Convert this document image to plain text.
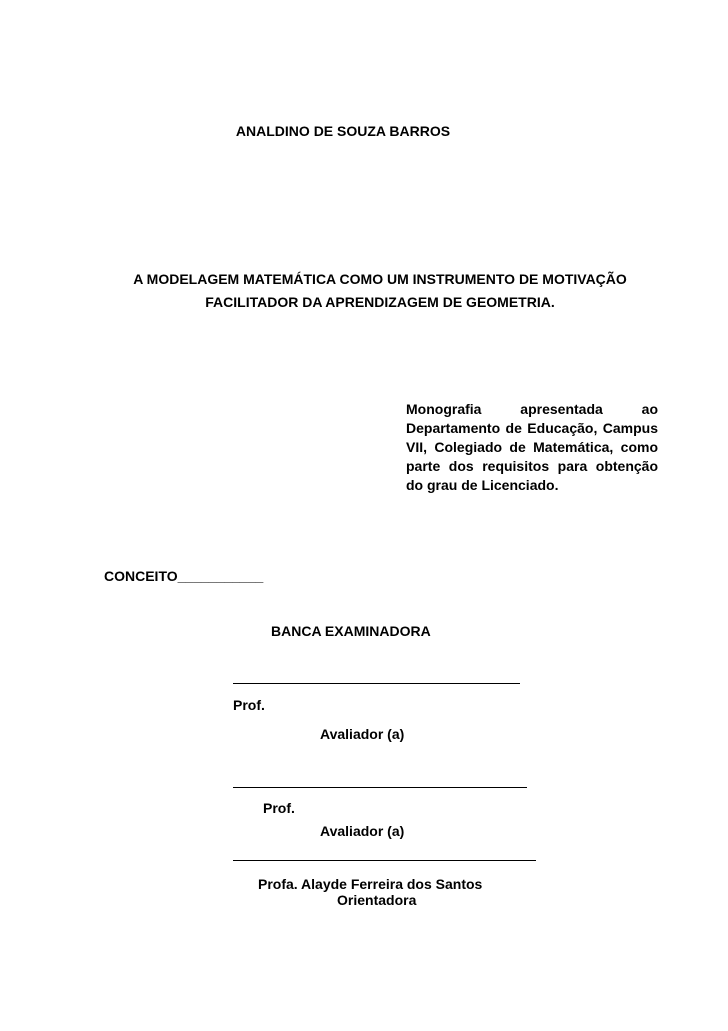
ANALDINO DE SOUZA BARROS
A MODELAGEM MATEMÁTICA COMO UM INSTRUMENTO DE MOTIVAÇÃO
FACILITADOR DA APRENDIZAGEM DE GEOMETRIA.
Monografia apresentada ao Departamento de Educação, Campus VII, Colegiado de Matemática, como parte dos requisitos para obtenção do grau de Licenciado.
CONCEITO___________
BANCA EXAMINADORA
Prof.
Avaliador (a)
Prof.
Avaliador (a)
Profa. Alayde Ferreira dos Santos
Orientadora
